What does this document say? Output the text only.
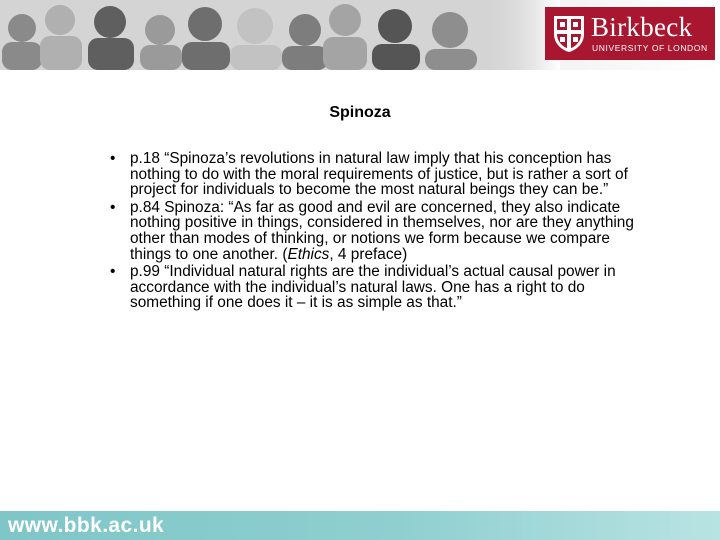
Birkbeck
UNIVERSITY OF LONDON
Spinoza
• p.18 “Spinoza’s revolutions in natural law imply that his conception has nothing to do with the moral requirements of justice, but is rather a sort of project for individuals to become the most natural beings they can be.”
• p.84 Spinoza: “As far as good and evil are concerned, they also indicate nothing positive in things, considered in themselves, nor are they anything other than modes of thinking, or notions we form because we compare things to one another. (Ethics, 4 preface)
• p.99 “Individual natural rights are the individual’s actual causal power in accordance with the individual’s natural laws. One has a right to do something if one does it – it is as simple as that.”
www.bbk.ac.uk
